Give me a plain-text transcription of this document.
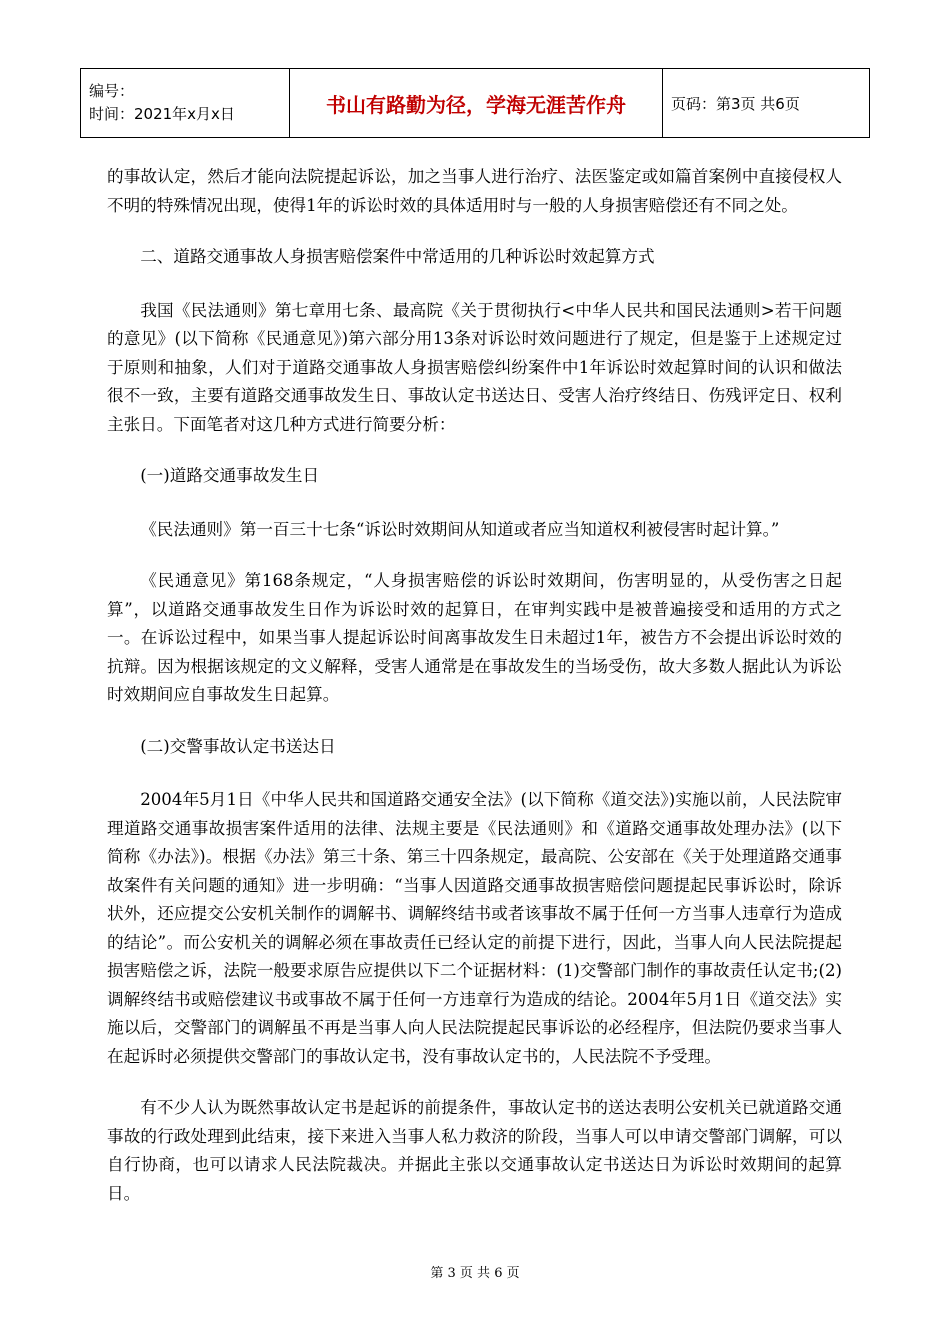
编号：
时间：2021年x月x日	书山有路勤为径，学海无涯苦作舟	页码：第3页 共6页

的事故认定，然后才能向法院提起诉讼，加之当事人进行治疗、法医鉴定或如篇首案例中直接侵权人不明的特殊情况出现，使得1年的诉讼时效的具体适用时与一般的人身损害赔偿还有不同之处。

二、道路交通事故人身损害赔偿案件中常适用的几种诉讼时效起算方式

我国《民法通则》第七章用七条、最高院《关于贯彻执行<中华人民共和国民法通则>若干问题的意见》(以下简称《民通意见》)第六部分用13条对诉讼时效问题进行了规定，但是鉴于上述规定过于原则和抽象，人们对于道路交通事故人身损害赔偿纠纷案件中1年诉讼时效起算时间的认识和做法很不一致，主要有道路交通事故发生日、事故认定书送达日、受害人治疗终结日、伤残评定日、权利主张日。下面笔者对这几种方式进行简要分析：

(一)道路交通事故发生日

《民法通则》第一百三十七条“诉讼时效期间从知道或者应当知道权利被侵害时起计算。”

《民通意见》第168条规定，“人身损害赔偿的诉讼时效期间，伤害明显的，从受伤害之日起算”，以道路交通事故发生日作为诉讼时效的起算日，在审判实践中是被普遍接受和适用的方式之一。在诉讼过程中，如果当事人提起诉讼时间离事故发生日未超过1年，被告方不会提出诉讼时效的抗辩。因为根据该规定的文义解释，受害人通常是在事故发生的当场受伤，故大多数人据此认为诉讼时效期间应自事故发生日起算。

(二)交警事故认定书送达日

2004年5月1日《中华人民共和国道路交通安全法》(以下简称《道交法》)实施以前，人民法院审理道路交通事故损害案件适用的法律、法规主要是《民法通则》和《道路交通事故处理办法》(以下简称《办法》)。根据《办法》第三十条、第三十四条规定，最高院、公安部在《关于处理道路交通事故案件有关问题的通知》进一步明确：“当事人因道路交通事故损害赔偿问题提起民事诉讼时，除诉状外，还应提交公安机关制作的调解书、调解终结书或者该事故不属于任何一方当事人违章行为造成的结论”。而公安机关的调解必须在事故责任已经认定的前提下进行，因此，当事人向人民法院提起损害赔偿之诉，法院一般要求原告应提供以下二个证据材料：(1)交警部门制作的事故责任认定书;(2)调解终结书或赔偿建议书或事故不属于任何一方违章行为造成的结论。2004年5月1日《道交法》实施以后，交警部门的调解虽不再是当事人向人民法院提起民事诉讼的必经程序，但法院仍要求当事人在起诉时必须提供交警部门的事故认定书，没有事故认定书的，人民法院不予受理。

有不少人认为既然事故认定书是起诉的前提条件，事故认定书的送达表明公安机关已就道路交通事故的行政处理到此结束，接下来进入当事人私力救济的阶段，当事人可以申请交警部门调解，可以自行协商，也可以请求人民法院裁决。并据此主张以交通事故认定书送达日为诉讼时效期间的起算日。

第 3 页 共 6 页
